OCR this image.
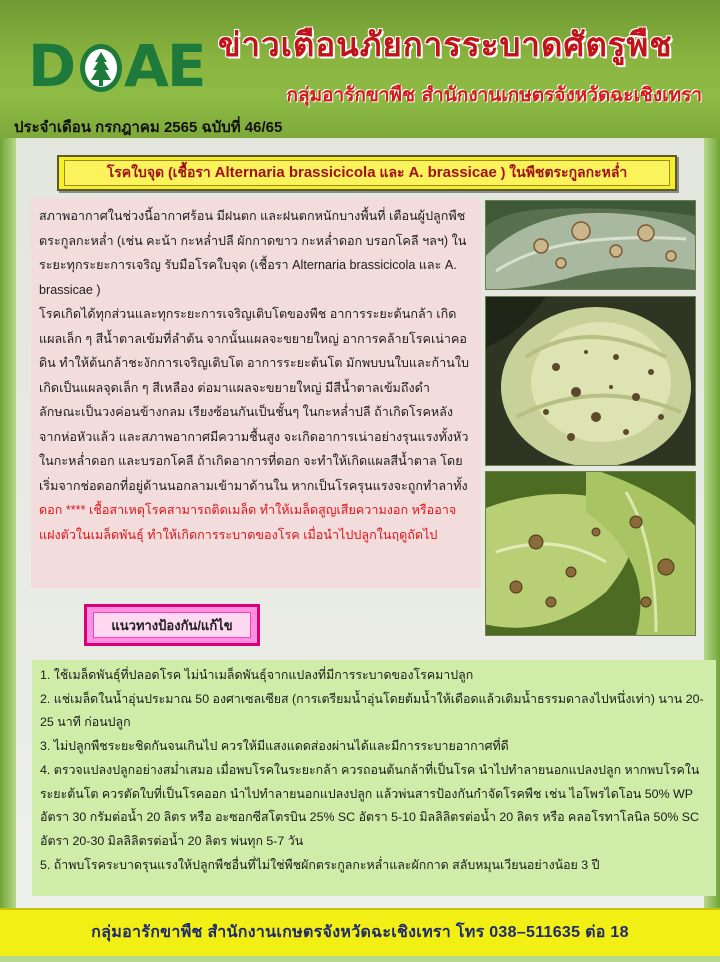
D AE ข่าวเตือนภัยการระบาดศัตรูพืช
กลุ่มอารักขาพืช สำนักงานเกษตรจังหวัดฉะเชิงเทรา
ประจำเดือน กรกฎาคม 2565 ฉบับที่ 46/65
โรคใบจุด (เชื้อรา Alternaria brassicicola และ A. brassicae ) ในพืชตระกูลกะหล่ำ

สภาพอากาศในช่วงนี้อากาศร้อน มีฝนตก และฝนตกหนักบางพื้นที่ เตือนผู้ปลูกพืชตระกูลกะหล่ำ (เช่น คะน้า กะหล่ำปลี ผักกาดขาว กะหล่ำดอก บรอกโคลี ฯลฯ) ในระยะทุกระยะการเจริญ รับมือโรคใบจุด (เชื้อรา Alternaria brassicicola และ A. brassicae )

โรคเกิดได้ทุกส่วนและทุกระยะการเจริญเติบโตของพืช อาการระยะต้นกล้า เกิดแผลเล็ก ๆ สีน้ำตาลเข้มที่ลำต้น จากนั้นแผลจะขยายใหญ่ อาการคล้ายโรคเน่าคอดิน ทำให้ต้นกล้าชะงักการเจริญเติบโต อาการระยะต้นโต มักพบบนใบและก้านใบ เกิดเป็นแผลจุดเล็ก ๆ สีเหลือง ต่อมาแผลจะขยายใหญ่ มีสีน้ำตาลเข้มถึงดำ ลักษณะเป็นวงค่อนข้างกลม เรียงซ้อนกันเป็นชั้นๆ ในกะหล่ำปลี ถ้าเกิดโรคหลังจากห่อหัวแล้ว และสภาพอากาศมีความชื้นสูง จะเกิดอาการเน่าอย่างรุนแรงทั้งหัว ในกะหล่ำดอก และบรอกโคลี ถ้าเกิดอาการที่ดอก จะทำให้เกิดแผลสีน้ำตาล โดยเริ่มจากช่อดอกที่อยู่ด้านนอกลามเข้ามาด้านใน หากเป็นโรครุนแรงจะถูกทำลาทั้งดอก **** เชื้อสาเหตุโรคสามารถติดเมล็ด ทำให้เมล็ดสูญเสียความงอก หรืออาจแฝงตัวในเมล็ดพันธุ์ ทำให้เกิดการระบาดของโรค เมื่อนำไปปลูกในฤดูถัดไป

แนวทางป้องกัน/แก้ไข
1. ใช้เมล็ดพันธุ์ที่ปลอดโรค ไม่นำเมล็ดพันธุ์จากแปลงที่มีการระบาดของโรคมาปลูก
2. แช่เมล็ดในน้ำอุ่นประมาณ 50 องศาเซลเซียส (การเตรียมน้ำอุ่นโดยต้มน้ำให้เดือดแล้วเติมน้ำธรรมดาลงไปหนึ่งเท่า) นาน 20-25 นาที ก่อนปลูก
3. ไม่ปลูกพืชระยะชิดกันจนเกินไป ควรให้มีแสงแดดส่องผ่านได้และมีการระบายอากาศที่ดี
4. ตรวจแปลงปลูกอย่างสม่ำเสมอ เมื่อพบโรคในระยะกล้า ควรถอนต้นกล้าที่เป็นโรค นำไปทำลายนอกแปลงปลูก หากพบโรคในระยะต้นโต ควรตัดใบที่เป็นโรคออก นำไปทำลายนอกแปลงปลูก แล้วพ่นสารป้องกันกำจัดโรคพืช เช่น ไอโพรไดโอน 50% WP อัตรา 30 กรัมต่อน้ำ 20 ลิตร หรือ อะซอกซีสโตรบิน 25% SC อัตรา 5-10 มิลลิลิตรต่อน้ำ 20 ลิตร หรือ คลอโรทาโลนิล 50% SC อัตรา 20-30 มิลลิลิตรต่อน้ำ 20 ลิตร พ่นทุก 5-7 วัน
5. ถ้าพบโรคระบาดรุนแรงให้ปลูกพืชอื่นที่ไม่ใช่พืชผักตระกูลกะหล่ำและผักกาด สลับหมุนเวียนอย่างน้อย 3 ปี
กลุ่มอารักขาพืช สำนักงานเกษตรจังหวัดฉะเชิงเทรา โทร 038–511635 ต่อ 18
